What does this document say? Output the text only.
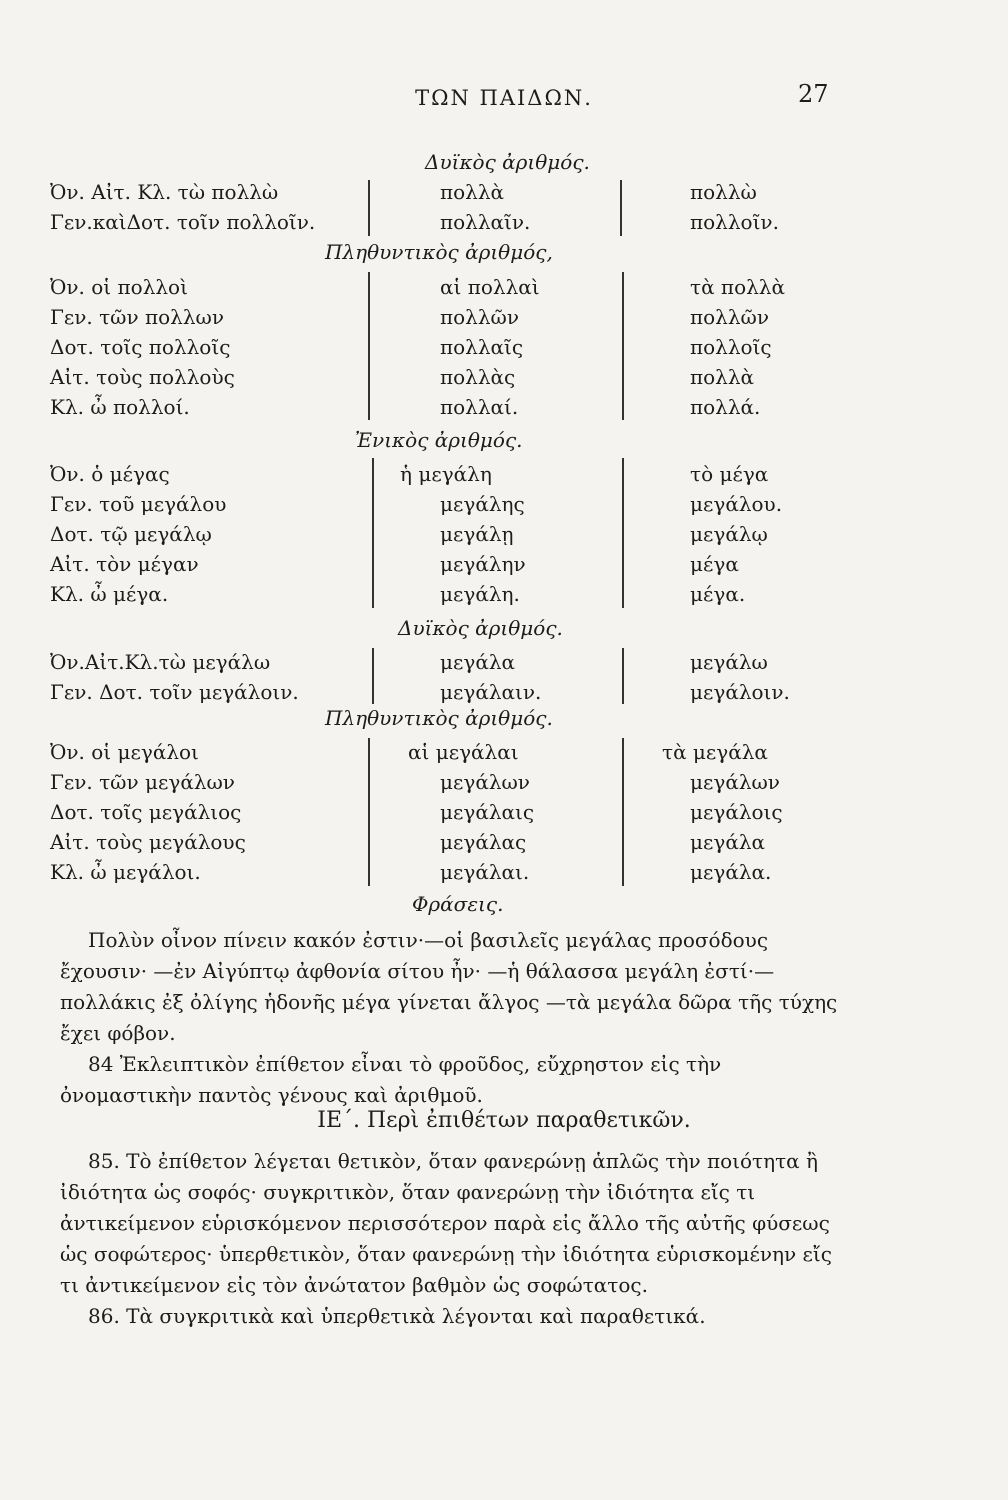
ΤΩΝ ΠΑΙΔΩΝ.	27
Δυϊκὸς ἀριθμός.
Ὀν. Αἰτ. Κλ. τὼ πολλὼ	πολλὰ	πολλὼ
Γεν.καὶΔοτ. τοῖν πολλοῖν.	πολλαῖν.	πολλοῖν.
Πληθυντικὸς ἀριθμός,
Ὀν. οἱ πολλοὶ	αἱ πολλαὶ	τὰ πολλὰ
Γεν. τῶν πολλων	πολλῶν	πολλῶν
Δοτ. τοῖς πολλοῖς	πολλαῖς	πολλοῖς
Αἰτ. τοὺς πολλοὺς	πολλὰς	πολλὰ
Κλ. ὦ πολλοί.	πολλαί.	πολλά.
Ἐνικὸς ἀριθμός.
Ὀν. ὁ μέγας	ἡ μεγάλη	τὸ μέγα
Γεν. τοῦ μεγάλου	μεγάλης	μεγάλου.
Δοτ. τῷ μεγάλῳ	μεγάλῃ	μεγάλῳ
Αἰτ. τὸν μέγαν	μεγάλην	μέγα
Κλ. ὦ μέγα.	μεγάλη.	μέγα.
Δυϊκὸς ἀριθμός.
Ὀν.Αἰτ.Κλ.τὼ μεγάλω	μεγάλα	μεγάλω
Γεν. Δοτ. τοῖν μεγάλοιν.	μεγάλαιν.	μεγάλοιν.
Πληθυντικὸς ἀριθμός.
Ὀν. οἱ μεγάλοι	αἱ μεγάλαι	τὰ μεγάλα
Γεν. τῶν μεγάλων	μεγάλων	μεγάλων
Δοτ. τοῖς μεγάλιος	μεγάλαις	μεγάλοις
Αἰτ. τοὺς μεγάλους	μεγάλας	μεγάλα
Κλ. ὦ μεγάλοι.	μεγάλαι.	μεγάλα.
Φράσεις.

Πολὺν οἶνον πίνειν κακόν ἐστιν·—οἱ βασιλεῖς μεγάλας προσόδους ἔχουσιν· —ἐν Αἰγύπτῳ ἀφθονία σίτου ἦν· —ἡ θάλασσα μεγάλη ἐστί·—πολλάκις ἐξ ὀλίγης ἡδονῆς μέγα γίνεται ἄλγος —τὰ μεγάλα δῶρα τῆς τύχης ἔχει φόβον.

84 Ἐκλειπτικὸν ἐπίθετον εἶναι τὸ φροῦδος, εὔχρηστον εἰς τὴν ὀνομαστικὴν παντὸς γένους καὶ ἀριθμοῦ.

ΙΕ΄. Περὶ ἐπιθέτων παραθετικῶν.

85. Τὸ ἐπίθετον λέγεται θετικὸν, ὅταν φανερώνῃ ἁπλῶς τὴν ποιότητα ἢ ἰδιότητα ὡς σοφός· συγκριτικὸν, ὅταν φανερώνῃ τὴν ἰδιότητα εἴς τι ἀντικείμενον εὑρισκόμενον περισσότερον παρὰ εἰς ἄλλο τῆς αὐτῆς φύσεως ὡς σοφώτερος· ὑπερθετικὸν, ὅταν φανερώνῃ τὴν ἰδιότητα εὑρισκομένην εἴς τι ἀντικείμενον εἰς τὸν ἀνώτατον βαθμὸν ὡς σοφώτατος.

86. Τὰ συγκριτικὰ καὶ ὑπερθετικὰ λέγονται καὶ παραθετικά.
